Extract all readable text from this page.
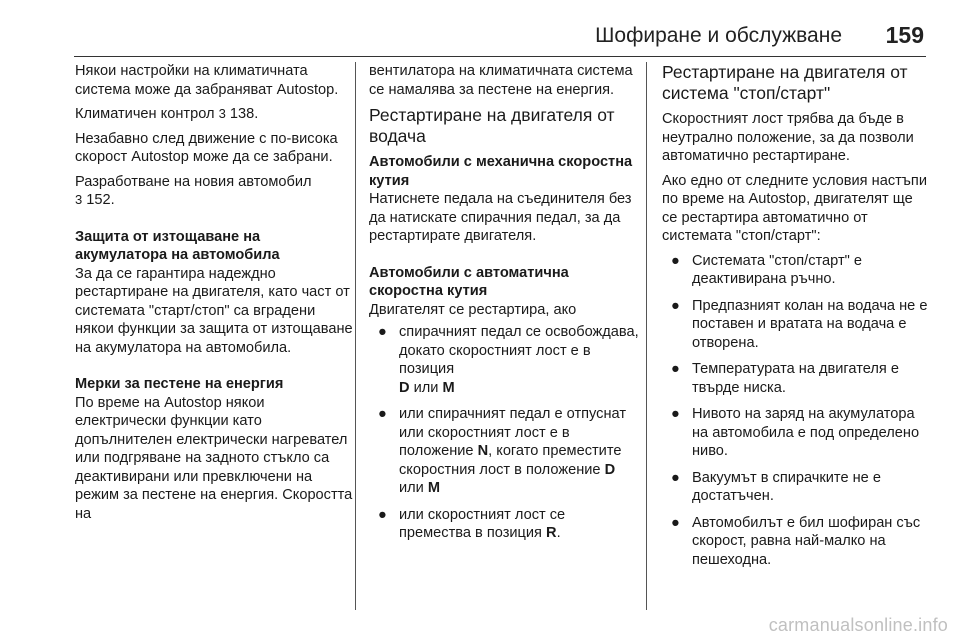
Шофиране и обслужване 159

Някои настройки на климатичната система може да забраняват Autostop.

Климатичен контрол 3 138.

Незабавно след движение с по-висока скорост Autostop може да се забрани.

Разработване на новия автомобил
3 152.

Защита от изтощаване на акумулатора на автомобила

За да се гарантира надеждно рестартиране на двигателя, като част от системата "старт/стоп" са вградени някои функции за защита от изтощаване на акумулатора на автомобила.

Мерки за пестене на енергия

По време на Autostop някои електрически функции като допълнителен електрически нагревател или подгряване на задното стъкло са деактивирани или превключени на режим за пестене на енергия. Скоростта на

вентилатора на климатичната система се намалява за пестене на енергия.

Рестартиране на двигателя от водача
Автомобили с механична скоростна кутия

Натиснете педала на съединителя без да натискате спирачния педал, за да рестартирате двигателя.

Автомобили с автоматична скоростна кутия

Двигателят се рестартира, ако

● спирачният педал се освобождава, докато скоростният лост е в позиция
D или M
● или спирачният педал е отпуснат или скоростният лост е в положение N, когато преместите скоростния лост в положение D или M
● или скоростният лост се премества в позиция R.
Рестартиране на двигателя от система "стоп/старт"

Скоростният лост трябва да бъде в неутрално положение, за да позволи автоматично рестартиране.

Ако едно от следните условия настъпи по време на Autostop, двигателят ще се рестартира автоматично от системата "стоп/старт":

● Системата "стоп/старт" е деактивирана ръчно.
● Предпазният колан на водача не е поставен и вратата на водача е отворена.
● Температурата на двигателя е твърде ниска.
● Нивото на заряд на акумулатора на автомобила е под определено ниво.
● Вакуумът в спирачките не е достатъчен.
● Автомобилът е бил шофиран със скорост, равна най-малко на пешеходна.
carmanualsonline.info
